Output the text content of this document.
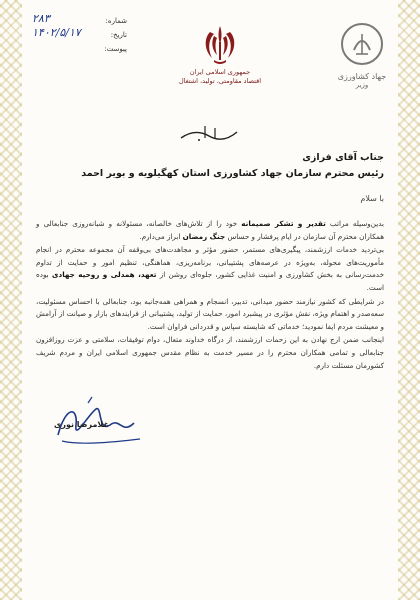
شماره:
۲۸۳
تاریخ:
۱۴۰۲/۵/۱۷
پیوست:
جمهوری اسلامی ایران
اقتصاد مقاومتی، تولید، اشتغال	جهاد کشاورزی
وزیر
جناب آقای فرازی
رئیس محترم سازمان جهاد کشاورزی استان کهگیلویه و بویر احمد
با سلام

بدین‌وسیله مراتب تقدیر و تشکر صمیمانه خود را از تلاش‌های خالصانه، مسئولانه و شبانه‌روزی جنابعالی و همکاران محترم آن سازمان در ایام پرفشار و حساس جنگ رمضان ابراز می‌دارم.

بی‌تردید خدمات ارزشمند، پیگیری‌های مستمر، حضور مؤثر و مجاهدت‌های بی‌وقفه آن مجموعه محترم در انجام مأموریت‌های محوله، به‌ویژه در عرصه‌های پشتیبانی، برنامه‌ریزی، هماهنگی، تنظیم امور و حمایت از تداوم خدمت‌رسانی به بخش کشاورزی و امنیت غذایی کشور، جلوه‌ای روشن از تعهد، همدلی و روحیه جهادی بوده است.

در شرایطی که کشور نیازمند حضور میدانی، تدبیر، انسجام و همراهی همه‌جانبه بود، جنابعالی با احساس مسئولیت، سعه‌صدر و اهتمام ویژه، نقش مؤثری در پیشبرد امور، حمایت از تولید، پشتیبانی از فرایندهای بازار و صیانت از آرامش و معیشت مردم ایفا نمودید؛ خدماتی که شایسته سپاس و قدردانی فراوان است.

اینجانب ضمن ارج نهادن به این زحمات ارزشمند، از درگاه خداوند متعال، دوام توفیقات، سلامتی و عزت روزافزون جنابعالی و تمامی همکاران محترم را در مسیر خدمت به نظام مقدس جمهوری اسلامی ایران و مردم شریف کشورمان مسئلت دارم.

غلامرضا نوری
